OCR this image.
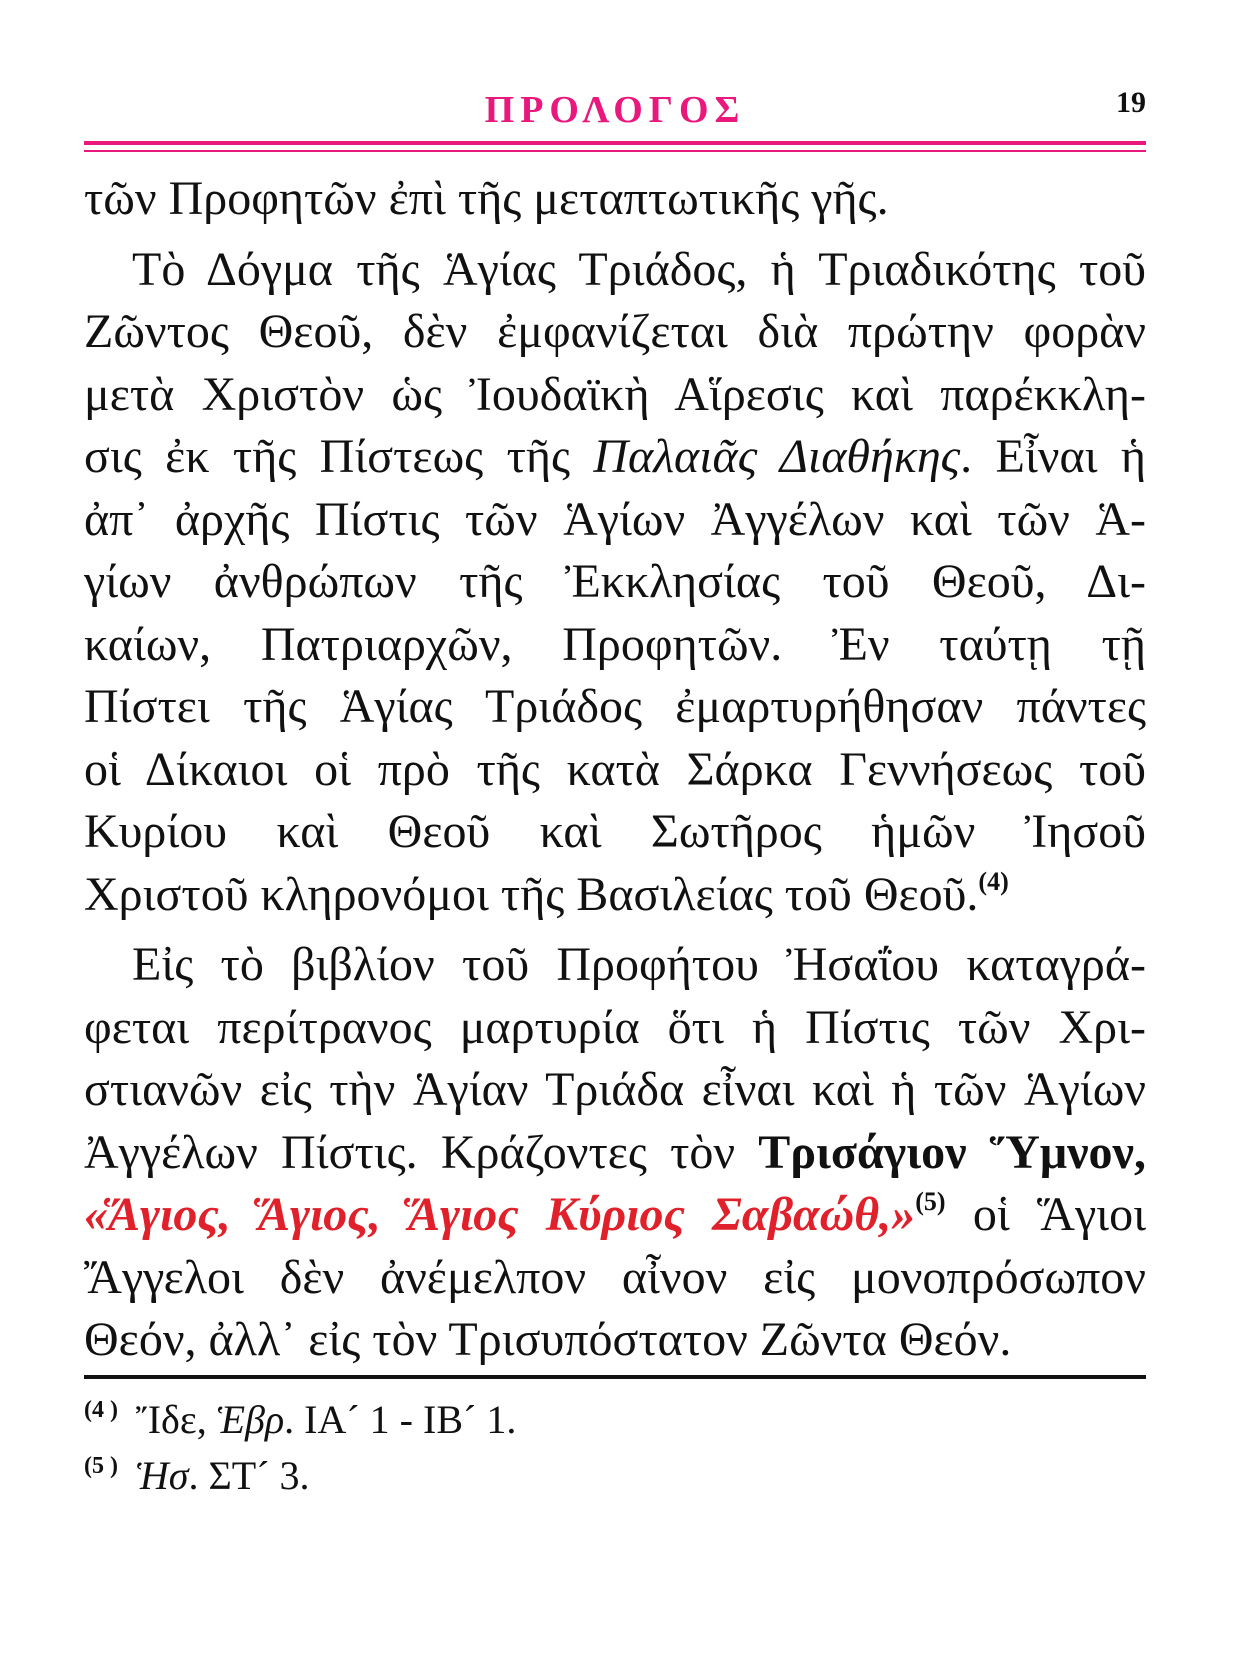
ΠΡΟΛΟΓΟΣ	19
τῶν Προφητῶν ἐπὶ τῆς μεταπτωτικῆς γῆς.
Τὸ Δόγμα τῆς Ἁγίας Τριάδος, ἡ Τριαδικότης τοῦ
Ζῶντος Θεοῦ, δὲν ἐμφανίζεται διὰ πρώτην φορὰν
μετὰ Χριστὸν ὡς Ἰουδαϊκὴ Αἵρεσις καὶ παρέκκλη-
σις ἐκ τῆς Πίστεως τῆς Παλαιᾶς Διαθήκης. Εἶναι ἡ
ἀπ᾿ ἀρχῆς Πίστις τῶν Ἁγίων Ἀγγέλων καὶ τῶν Ἁ-
γίων ἀνθρώπων τῆς Ἐκκλησίας τοῦ Θεοῦ, Δι-
καίων, Πατριαρχῶν, Προφητῶν. Ἐν ταύτῃ τῇ
Πίστει τῆς Ἁγίας Τριάδος ἐμαρτυρήθησαν πάντες
οἱ Δίκαιοι οἱ πρὸ τῆς κατὰ Σάρκα Γεννήσεως τοῦ
Κυρίου καὶ Θεοῦ καὶ Σωτῆρος ἡμῶν Ἰησοῦ
Χριστοῦ κληρονόμοι τῆς Βασιλείας τοῦ Θεοῦ.$^{(4)}$
Εἰς τὸ βιβλίον τοῦ Προφήτου Ἠσαΐου καταγρά-
φεται περίτρανος μαρτυρία ὅτι ἡ Πίστις τῶν Χρι-
στιανῶν εἰς τὴν Ἁγίαν Τριάδα εἶναι καὶ ἡ τῶν Ἁγίων
Ἀγγέλων Πίστις. Κράζοντες τὸν Τρισάγιον Ὕμνον,
«Ἅγιος, Ἅγιος, Ἅγιος Κύριος Σαβαώθ,»$^{(5)}$ οἱ Ἅγιοι
Ἄγγελοι δὲν ἀνέμελπον αἶνον εἰς μονοπρόσωπον
Θεόν, ἀλλ᾿ εἰς τὸν Τρισυπόστατον Ζῶντα Θεόν.
$^{(4 )}$ Ἴδε, Ἑβρ. ΙΑ´ 1 - ΙΒ´ 1.
$^{(5 )}$ Ἡσ. ΣΤ´ 3.
